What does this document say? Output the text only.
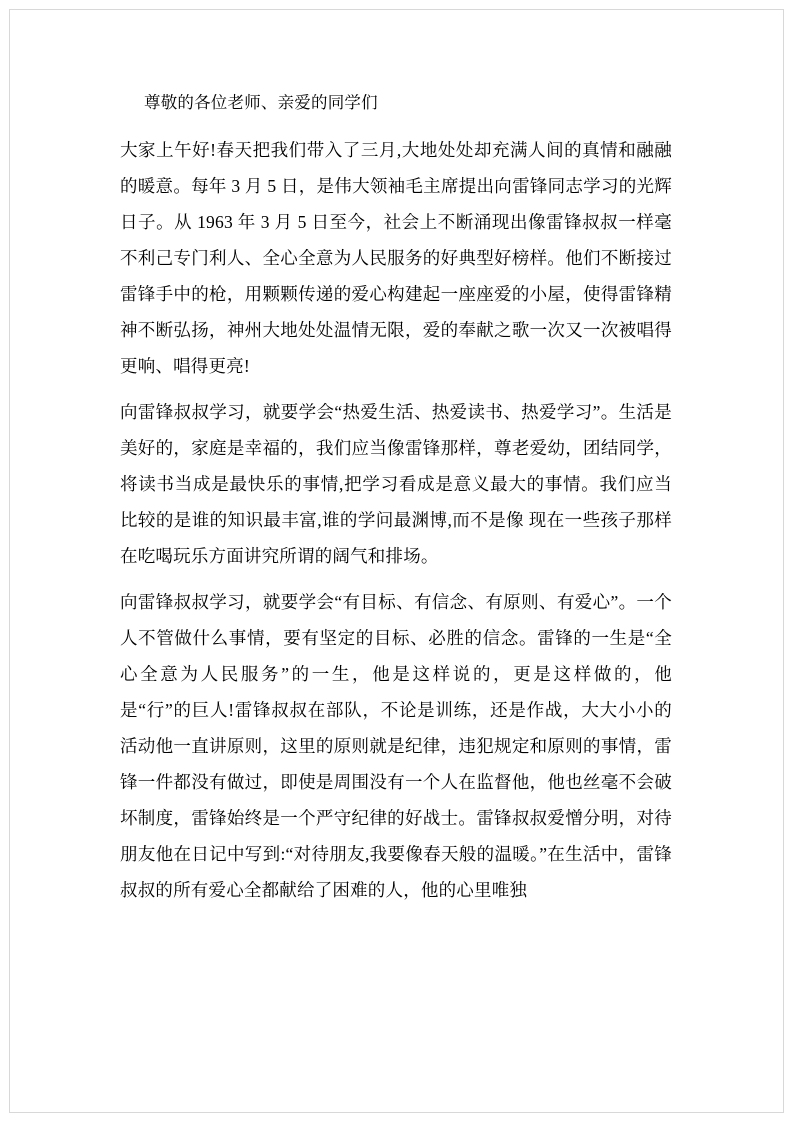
尊敬的各位老师、亲爱的同学们

大家上午好!春天把我们带入了三月,大地处处却充满人间的真情和融融的暖意。每年 3 月 5 日，是伟大领袖毛主席提出向雷锋同志学习的光辉日子。从 1963 年 3 月 5 日至今，社会上不断涌现出像雷锋叔叔一样毫不利己专门利人、全心全意为人民服务的好典型好榜样。他们不断接过雷锋手中的枪，用颗颗传递的爱心构建起一座座爱的小屋，使得雷锋精神不断弘扬，神州大地处处温情无限，爱的奉献之歌一次又一次被唱得更响、唱得更亮!

向雷锋叔叔学习，就要学会“热爱生活、热爱读书、热爱学习”。生活是美好的，家庭是幸福的，我们应当像雷锋那样，尊老爱幼，团结同学，将读书当成是最快乐的事情,把学习看成是意义最大的事情。我们应当比较的是谁的知识最丰富,谁的学问最渊博,而不是像 现在一些孩子那样在吃喝玩乐方面讲究所谓的阔气和排场。

向雷锋叔叔学习，就要学会“有目标、有信念、有原则、有爱心”。一个人不管做什么事情，要有坚定的目标、必胜的信念。雷锋的一生是“全心全意为人民服务”的一生，他是这样说的，更是这样做的，他是“行”的巨人!雷锋叔叔在部队，不论是训练，还是作战，大大小小的活动他一直讲原则，这里的原则就是纪律，违犯规定和原则的事情，雷锋一件都没有做过，即使是周围没有一个人在监督他，他也丝毫不会破坏制度，雷锋始终是一个严守纪律的好战士。雷锋叔叔爱憎分明，对待朋友他在日记中写到:“对待朋友,我要像春天般的温暖。”在生活中，雷锋叔叔的所有爱心全都献给了困难的人，他的心里唯独
